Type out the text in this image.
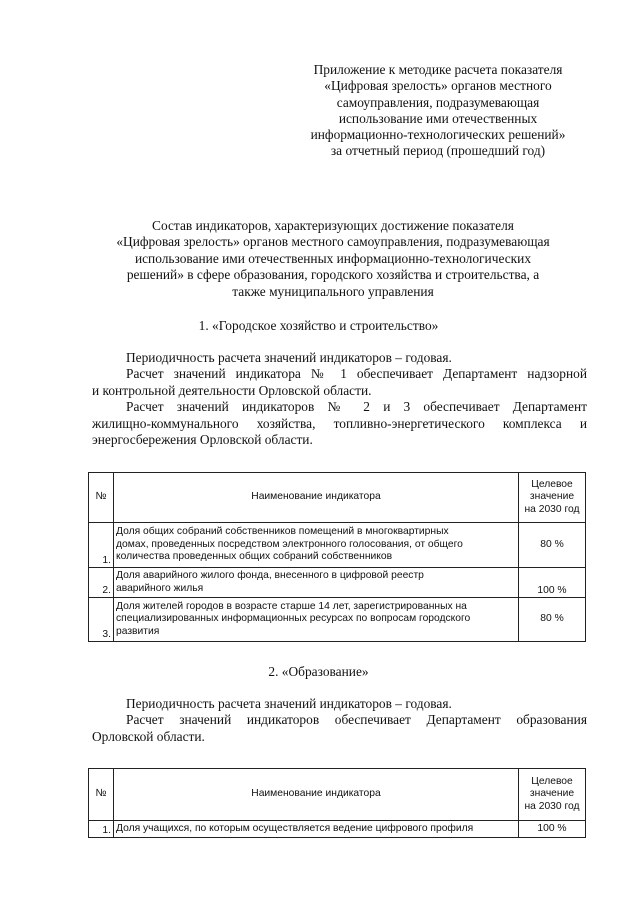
Приложение к методике расчета показателя
«Цифровая зрелость» органов местного
самоуправления, подразумевающая
использование ими отечественных
информационно-технологических решений»
за отчетный период (прошедший год)
Состав индикаторов, характеризующих достижение показателя
«Цифровая зрелость» органов местного самоуправления, подразумевающая
использование ими отечественных информационно-технологических
решений» в сфере образования, городского хозяйства и строительства, а
также муниципального управления
1. «Городское хозяйство и строительство»
Периодичность расчета значений индикаторов – годовая.
Расчет значений индикатора № 1 обеспечивает Департамент надзорной
и контрольной деятельности Орловской области.
Расчет значений индикаторов № 2 и 3 обеспечивает Департамент
жилищно-коммунального хозяйства, топливно-энергетического комплекса и
энергосбережения Орловской области.
№	Наименование индикатора	Целевое
значение
на 2030 год

1.	Доля общих собраний собственников помещений в многоквартирных
домах, проведенных посредством электронного голосования, от общего
количества проведенных общих собраний собственников	80 %
2.	Доля аварийного жилого фонда, внесенного в цифровой реестр
аварийного жилья	100 %
3.	Доля жителей городов в возрасте старше 14 лет, зарегистрированных на
специализированных информационных ресурсах по вопросам городского
развития	80 %
2. «Образование»
Периодичность расчета значений индикаторов – годовая.
Расчет значений индикаторов обеспечивает Департамент образования
Орловской области.
№	Наименование индикатора	Целевое
значение
на 2030 год

1.	Доля учащихся, по которым осуществляется ведение цифрового профиля	100 %
